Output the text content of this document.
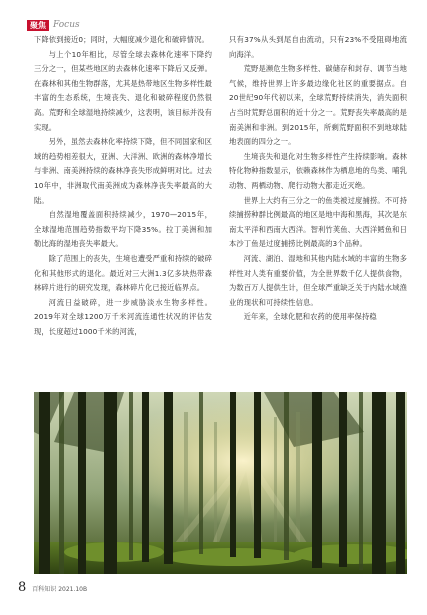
聚焦 Focus

下降依到接近0；同时，大幅度减少退化和破碎情况。

与上个10年相比，尽管全球去森林化速率下降约三分之一，但某些地区的去森林化速率下降后又反弹。在森林和其他生物群落，尤其是热带地区生物多样性最丰富的生态系统，生境丧失、退化和破碎程度仍然很高。荒野和全球湿地持续减少，这表明，该目标并没有实现。

另外，虽然去森林化率持续下降，但不同国家和区域的趋势相差很大，亚洲、大洋洲、欧洲的森林净增长与非洲、南美洲持续的森林净丧失形成鲜明对比。过去10年中，非洲取代南美洲成为森林净丧失率最高的大陆。

自然湿地覆盖面积持续减少，1970—2015年，全球湿地范围趋势指数平均下降35%。拉丁美洲和加勒比海的湿地丧失率最大。

除了范围上的丧失，生境也遭受严重和持续的破碎化和其他形式的退化。最近对三大洲1.3亿多块热带森林碎片进行的研究发现，森林碎片化已接近临界点。

河流日益破碎，进一步威胁淡水生物多样性。2019年对全球1200万千米河流连通性状况的评估发现，长度超过1000千米的河流，

只有37%从头到尾自由流动，只有23%不受阻碍地流向海洋。

荒野是濒危生物多样性、碳储存和封存、调节当地气候，维持世界上许多最边缘化社区的重要据点。自20世纪90年代初以来，全球荒野持续消失，消失面积占当时荒野总面积的近十分之一。荒野丧失率最高的是南美洲和非洲。到2015年，所剩荒野面积不到地球陆地表面的四分之一。

生境丧失和退化对生物多样性产生持续影响。森林特化物种指数显示，依赖森林作为栖息地的鸟类、哺乳动物、两栖动物、爬行动物大都走近灭绝。

世界上大约有三分之一的鱼类被过度捕捞。不可持续捕捞种群比例最高的地区是地中海和黑海，其次是东南太平洋和西南大西洋。智利竹荚鱼、大西洋鳕鱼和日本沙丁鱼是过度捕捞比例最高的3个品种。

河流、湖泊、湿地和其他内陆水域的丰富的生物多样性对人类有重要价值，为全世界数千亿人提供食物，为数百万人提供生计，但全球严重缺乏关于内陆水域渔业的现状和可持续性信息。

近年来，全球化肥和农药的使用率保持稳

8 百科知识 2021.10B
